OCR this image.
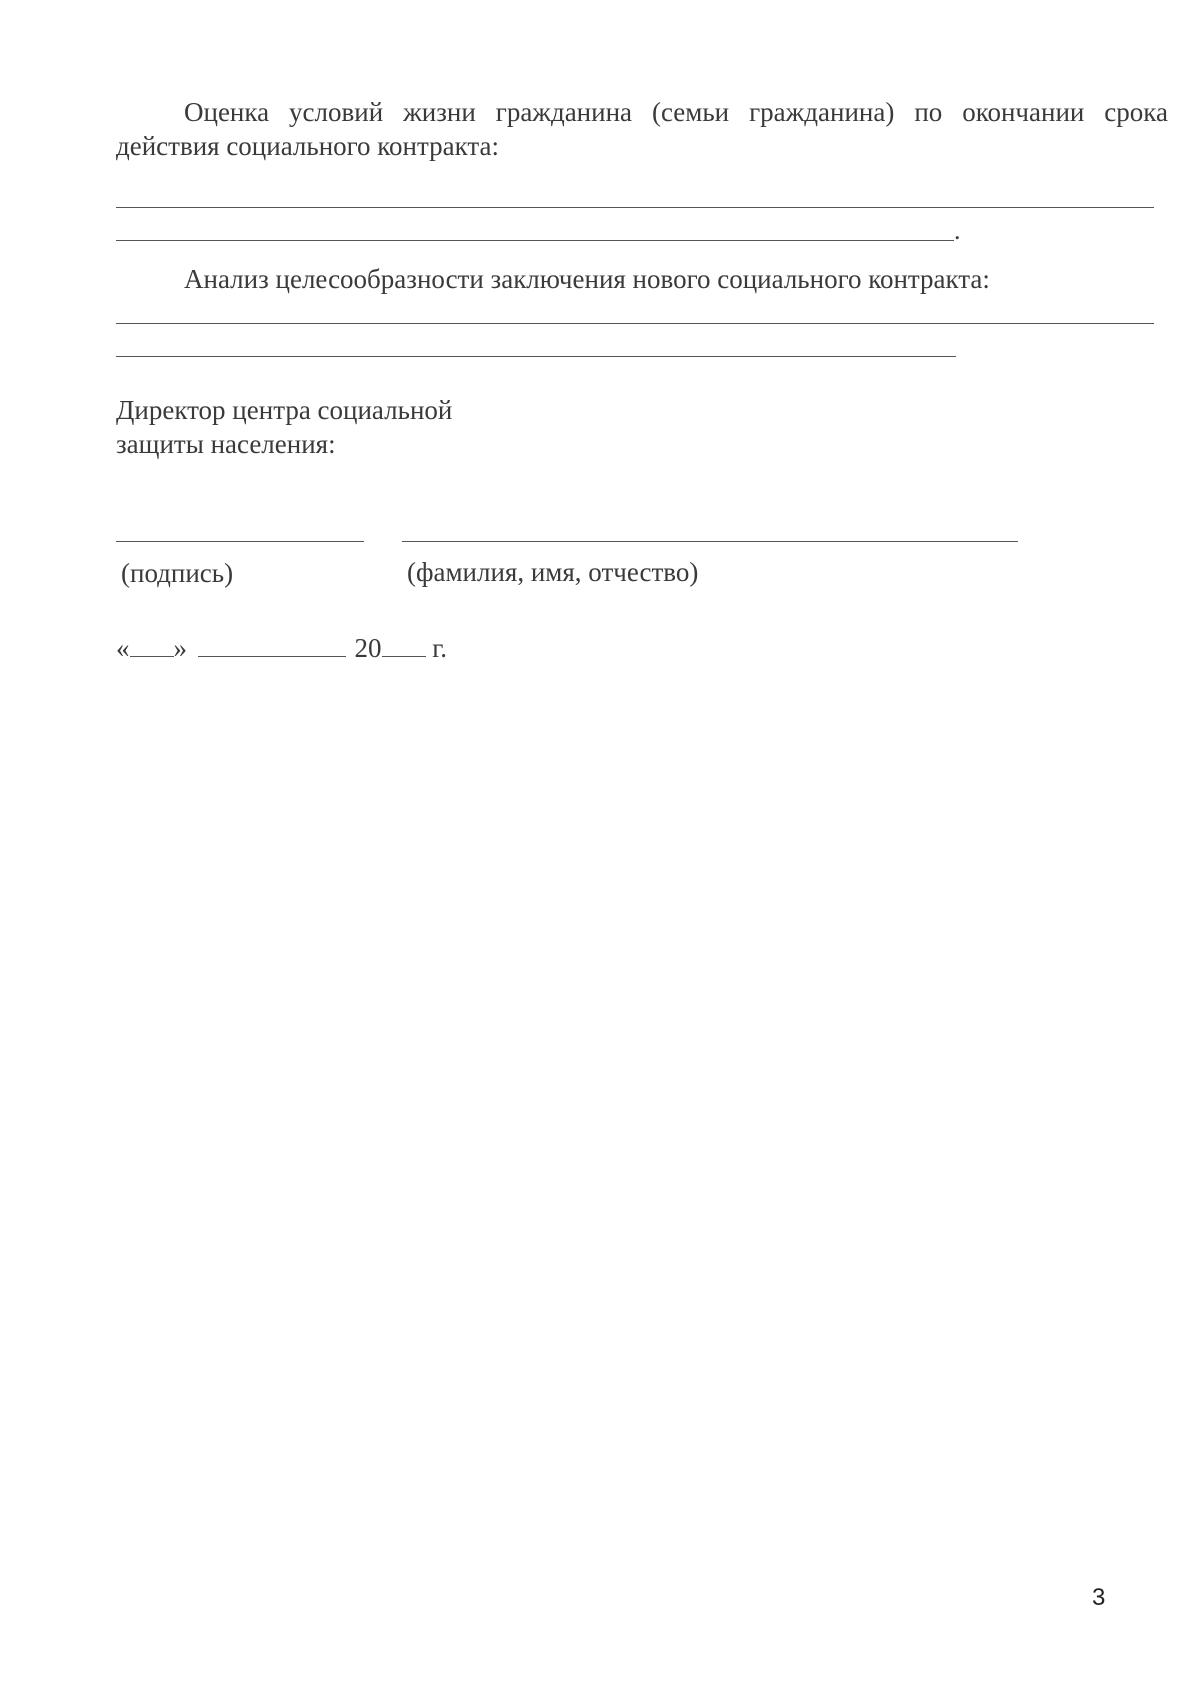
Оценка условий жизни гражданина (семьи гражданина) по окончании срока действия социального контракта:
.
Анализ целесообразности заключения нового социального контракта:
Директор центра социальной
защиты населения:
(подпись)	(фамилия, имя, отчество)
« »	20 г.
3
